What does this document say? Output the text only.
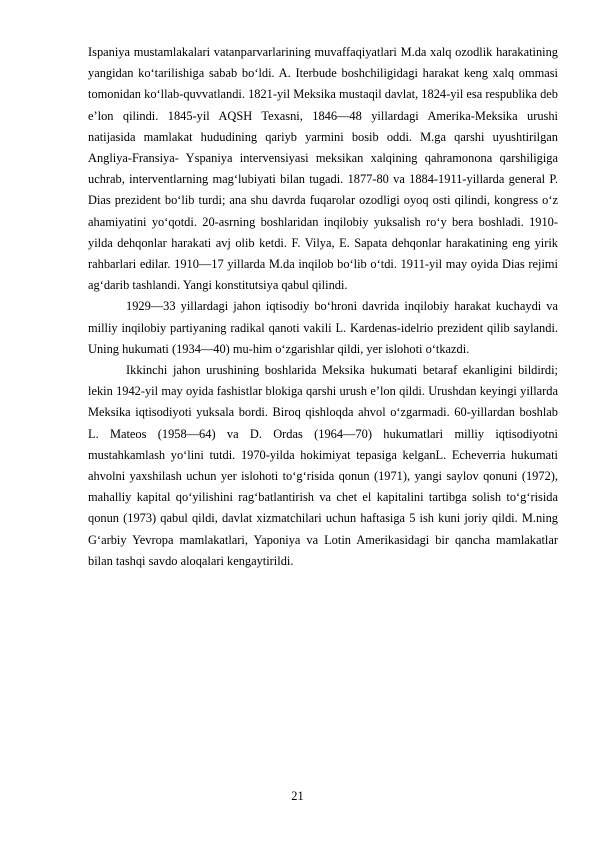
Ispaniya mustamlakalari vatanparvarlarining muvaffaqiyatlari M.da xalq ozodlik harakatining yangidan koʻtarilishiga sabab boʻldi. A. Iterbude boshchiligidagi harakat keng xalq ommasi tomonidan koʻllab-quvvatlandi. 1821-yil Meksika mustaqil davlat, 1824-yil esa respublika deb eʼlon qilindi. 1845-yil AQSH Texasni, 1846—48 yillardagi Amerika-Meksika urushi natijasida mamlakat hududining qariyb yarmini bosib oddi. M.ga qarshi uyushtirilgan Angliya-Fransiya- Yspaniya intervensiyasi meksikan xalqining qahramonona qarshiligiga uchrab, interventlarning magʻlubiyati bilan tugadi. 1877-80 va 1884-1911-yillarda general P. Dias prezident boʻlib turdi; ana shu davrda fuqarolar ozodligi oyoq osti qilindi, kongress oʻz ahamiyatini yoʻqotdi. 20-asrning boshlaridan inqilobiy yuksalish roʻy bera boshladi. 1910-yilda dehqonlar harakati avj olib ketdi. F. Vilya, E. Sapata dehqonlar harakatining eng yirik rahbarlari edilar. 1910—17 yillarda M.da inqilob boʻlib oʻtdi. 1911-yil may oyida Dias rejimi agʻdarib tashlandi. Yangi konstitutsiya qabul qilindi.

1929—33 yillardagi jahon iqtisodiy boʻhroni davrida inqilobiy harakat kuchaydi va milliy inqilobiy partiyaning radikal qanoti vakili L. Kardenas-idelrio prezident qilib saylandi. Uning hukumati (1934—40) mu-him oʻzgarishlar qildi, yer islohoti oʻtkazdi.

Ikkinchi jahon urushining boshlarida Meksika hukumati betaraf ekanligini bildirdi; lekin 1942-yil may oyida fashistlar blokiga qarshi urush eʼlon qildi. Urushdan keyingi yillarda Meksika iqtisodiyoti yuksala bordi. Biroq qishloqda ahvol oʻzgarmadi. 60-yillardan boshlab L. Mateos (1958—64) va D. Ordas (1964—70) hukumatlari milliy iqtisodiyotni mustahkamlash yoʻlini tutdi. 1970-yilda hokimiyat tepasiga kelganL. Echeverria hukumati ahvolni yaxshilash uchun yer islohoti toʻgʻrisida qonun (1971), yangi saylov qonuni (1972), mahalliy kapital qoʻyilishini ragʻbatlantirish va chet el kapitalini tartibga solish toʻgʻrisida qonun (1973) qabul qildi, davlat xizmatchilari uchun haftasiga 5 ish kuni joriy qildi. M.ning Gʻarbiy Yevropa mamlakatlari, Yaponiya va Lotin Amerikasidagi bir qancha mamlakatlar bilan tashqi savdo aloqalari kengaytirildi.

21
